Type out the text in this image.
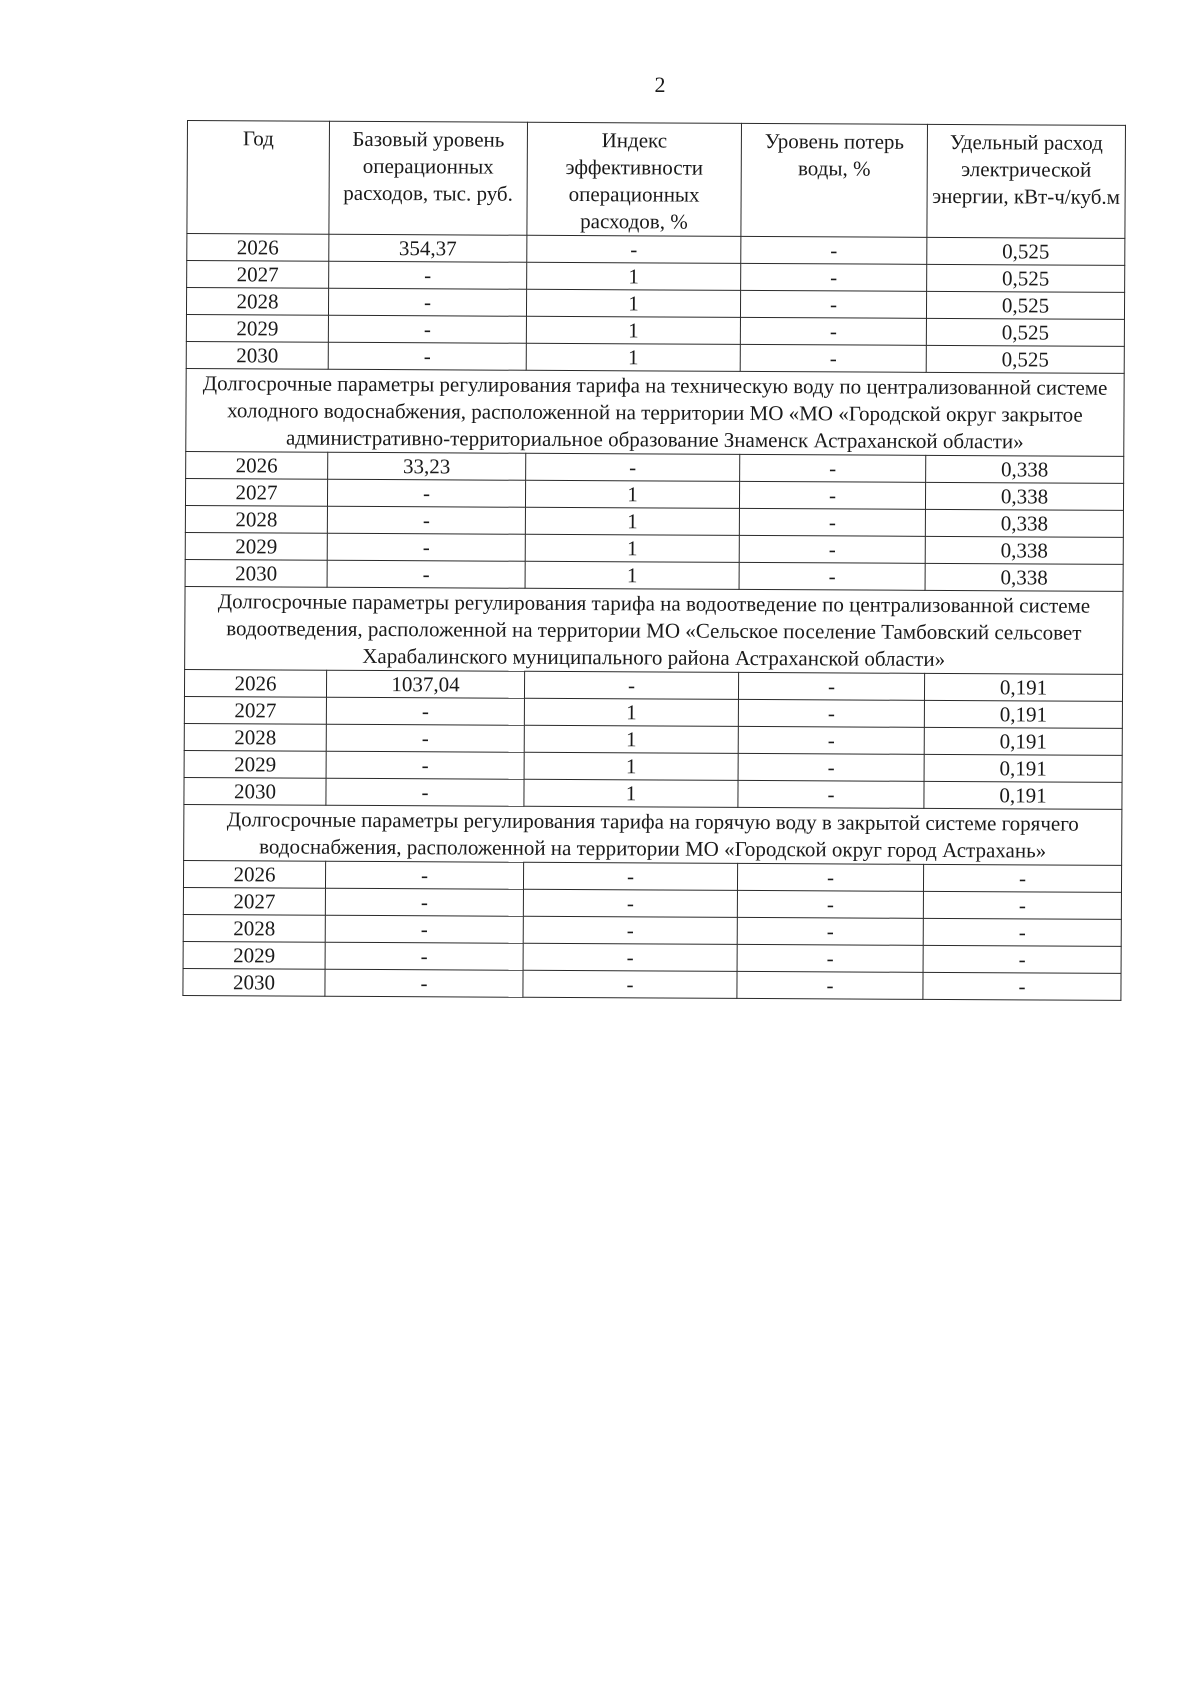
2
Год	Базовый уровень операционных расходов, тыс. руб.	Индекс эффективности операционных расходов, %	Уровень потерь воды, %	Удельный расход электрической энергии, кВт-ч/куб.м
2026	354,37	-	-	0,525
2027	-	1	-	0,525
2028	-	1	-	0,525
2029	-	1	-	0,525
2030	-	1	-	0,525
Долгосрочные параметры регулирования тарифа на техническую воду по централизованной системе холодного водоснабжения, расположенной на территории МО «МО «Городской округ закрытое административно-территориальное образование Знаменск Астраханской области»				
2026	33,23	-	-	0,338
2027	-	1	-	0,338
2028	-	1	-	0,338
2029	-	1	-	0,338
2030	-	1	-	0,338
Долгосрочные параметры регулирования тарифа на водоотведение по централизованной системе водоотведения, расположенной на территории МО «Сельское поселение Тамбовский сельсовет Харабалинского муниципального района Астраханской области»				
2026	1037,04	-	-	0,191
2027	-	1	-	0,191
2028	-	1	-	0,191
2029	-	1	-	0,191
2030	-	1	-	0,191
Долгосрочные параметры регулирования тарифа на горячую воду в закрытой системе горячего водоснабжения, расположенной на территории МО «Городской округ город Астрахань»				
2026	-	-	-	-
2027	-	-	-	-
2028	-	-	-	-
2029	-	-	-	-
2030	-	-	-	-
